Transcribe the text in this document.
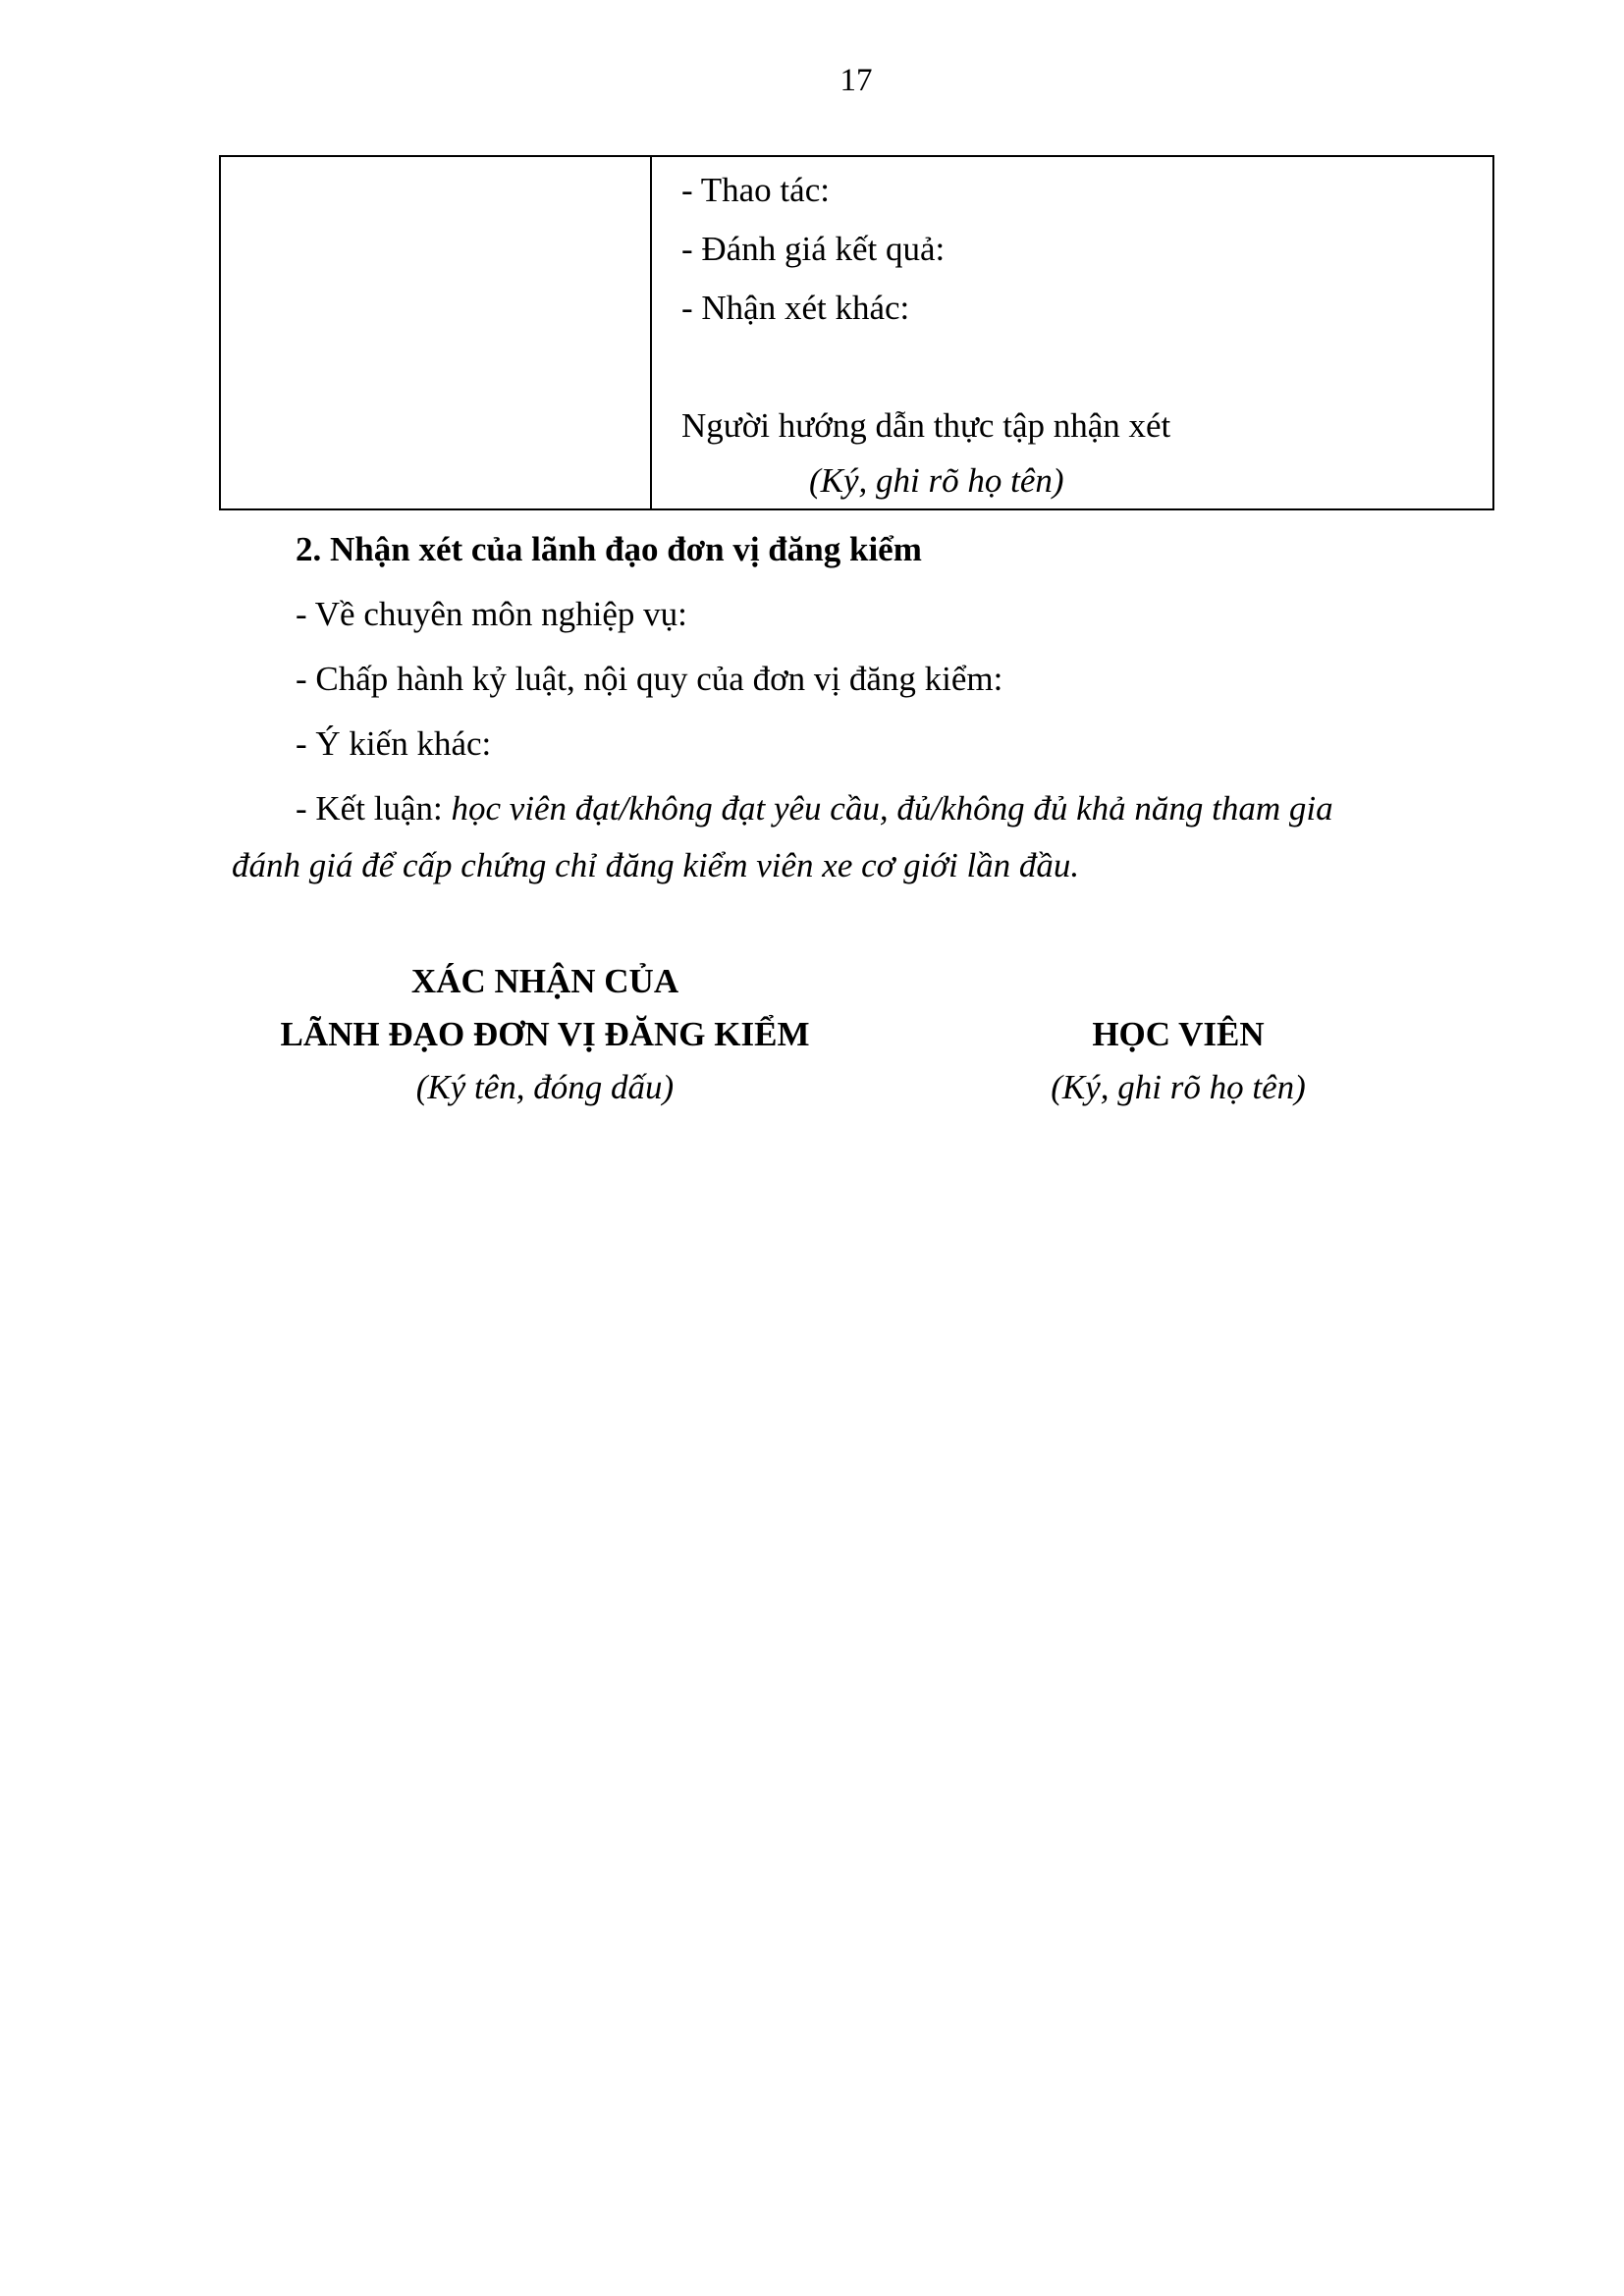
17
- Thao tác:
- Đánh giá kết quả:
- Nhận xét khác:
Người hướng dẫn thực tập nhận xét
(Ký, ghi rõ họ tên)
2. Nhận xét của lãnh đạo đơn vị đăng kiểm
- Về chuyên môn nghiệp vụ:
- Chấp hành kỷ luật, nội quy của đơn vị đăng kiểm:
- Ý kiến khác:
- Kết luận: học viên đạt/không đạt yêu cầu, đủ/không đủ khả năng tham gia
đánh giá để cấp chứng chỉ đăng kiểm viên xe cơ giới lần đầu.
XÁC NHẬN CỦA
LÃNH ĐẠO ĐƠN VỊ ĐĂNG KIỂM
(Ký tên, đóng dấu)
HỌC VIÊN
(Ký, ghi rõ họ tên)
